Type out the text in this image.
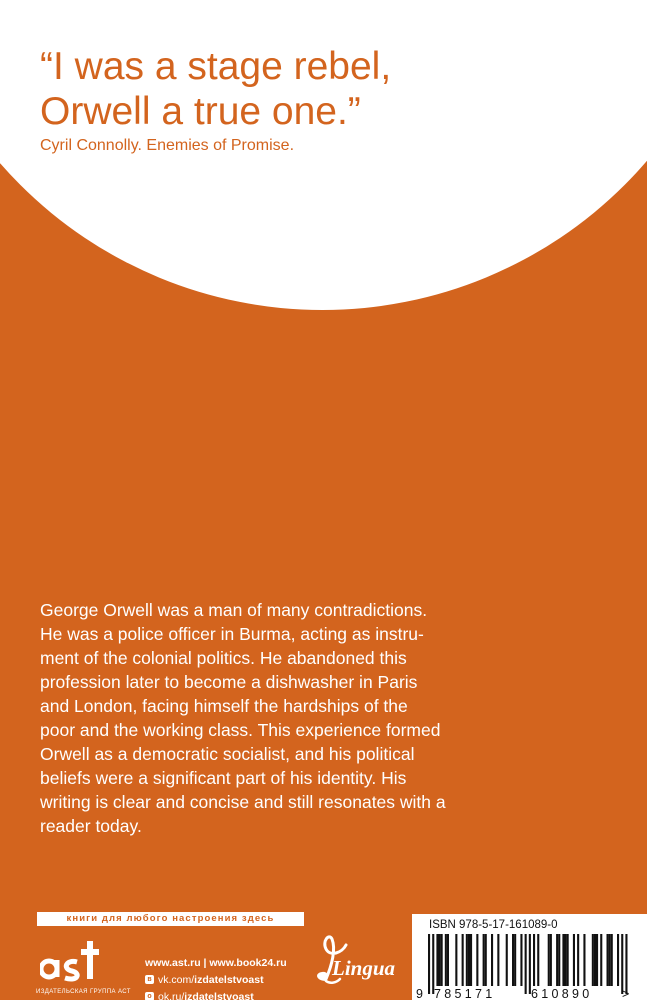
“I was a stage rebel,
Orwell a true one.”
Cyril Connolly. Enemies of Promise.

George Orwell was a man of many contradictions.
He was a police officer in Burma, acting as instru-
ment of the colonial politics. He abandoned this
profession later to become a dishwasher in Paris
and London, facing himself the hardships of the
poor and the working class. This experience formed
Orwell as a democratic socialist, and his political
beliefs were a significant part of his identity. His
writing is clear and concise and still resonates with a
reader today.

книги для любого настроения здесь
ИЗДАТЕЛЬСКАЯ ГРУППА АСТ
www.ast.ru | www.book24.ru
в vk.com/ izdatelstvoast
о ok.ru/ izdatelstvoast
Lingua
ISBN 978-5-17-161089-0
9 785171	610890 >
